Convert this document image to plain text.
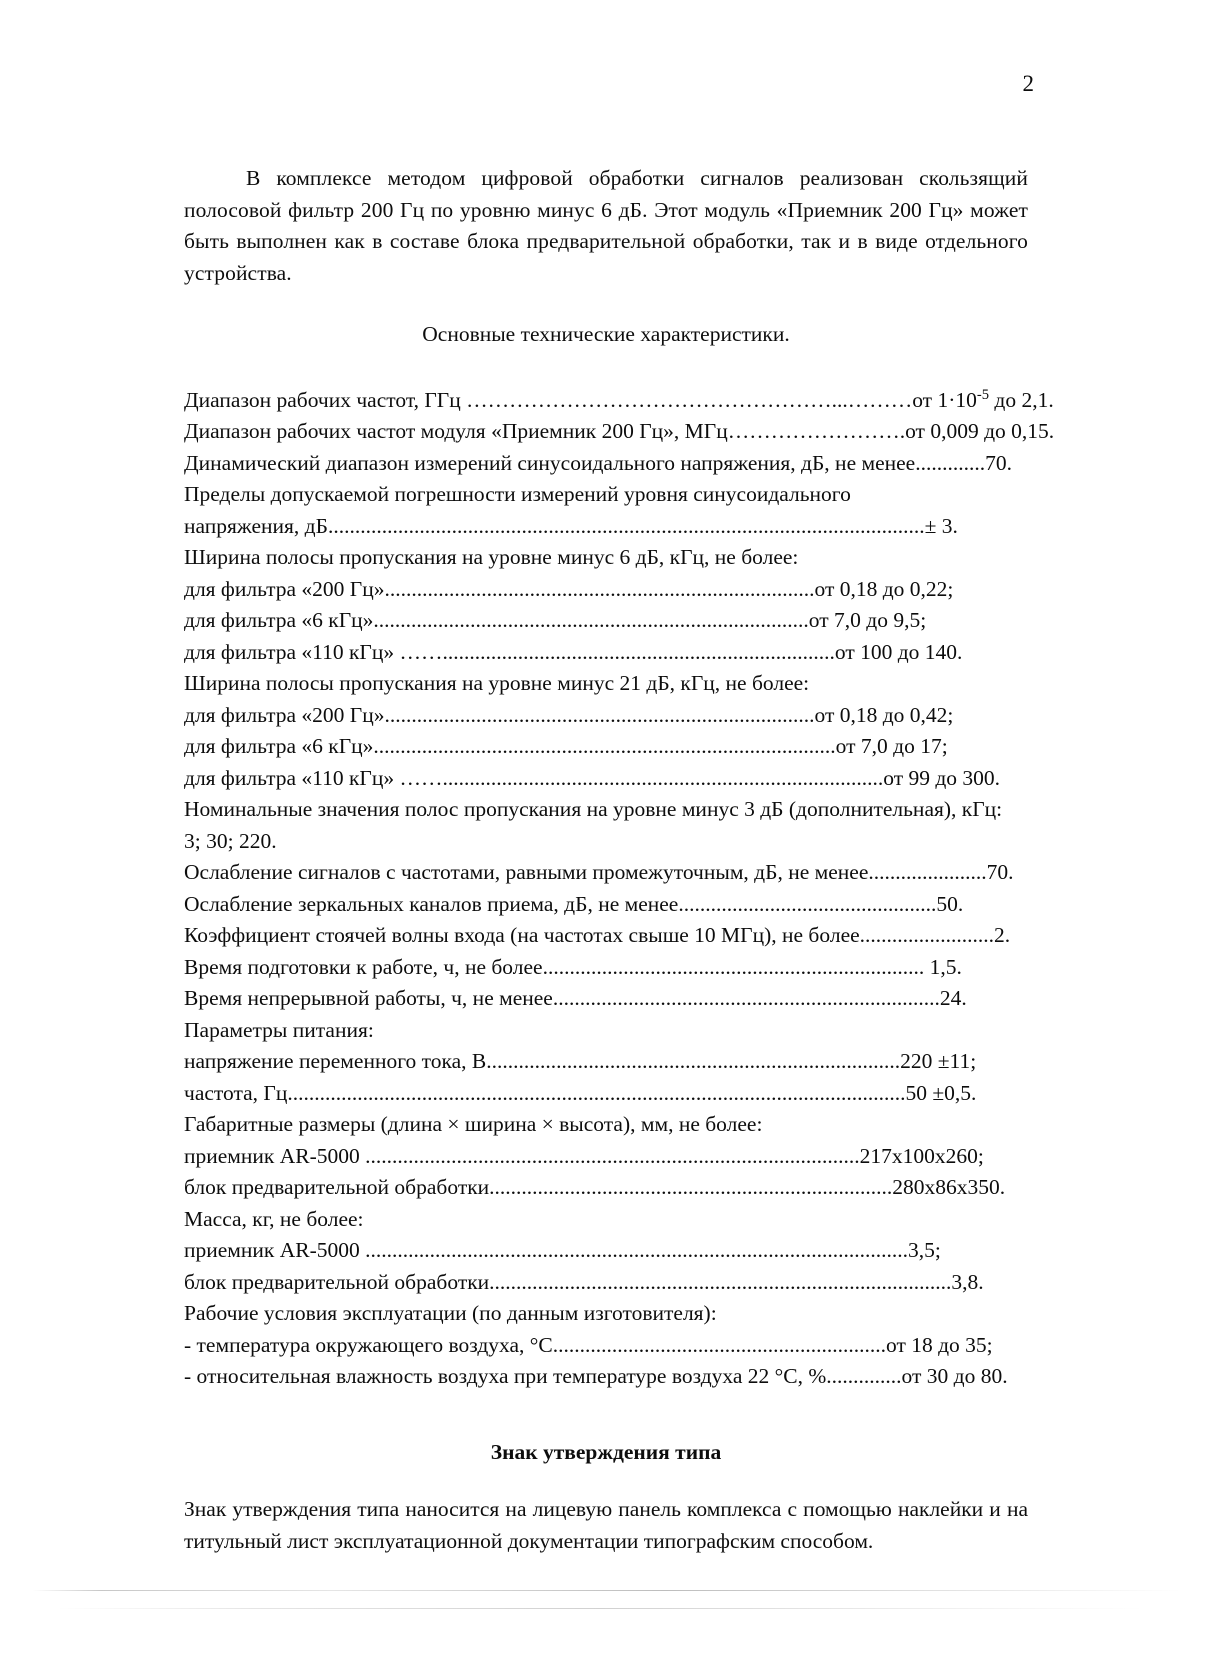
2

В комплексе методом цифровой обработки сигналов реализован скользящий полосовой фильтр 200 Гц по уровню минус 6 дБ. Этот модуль «Приемник 200 Гц» может быть выполнен как в составе блока предварительной обработки, так и в виде отдельного устройства.

Основные технические характеристики.

Диапазон рабочих частот, ГГц ……………………………………………...………от $1\cdot 10^{-5}$ до 2,1.
Диапазон рабочих частот модуля «Приемник 200 Гц», МГц…………………….от 0,009 до 0,15.
Динамический диапазон измерений синусоидального напряжения, дБ, не менее.............70.
Пределы допускаемой погрешности измерений уровня синусоидального
напряжения, дБ...............................................................................................................± 3.
Ширина полосы пропускания на уровне минус 6 дБ, кГц, не более:
для фильтра «200 Гц»................................................................................от 0,18 до 0,22;
для фильтра «6 кГц».................................................................................от 7,0 до 9,5;
для фильтра «110 кГц» …….........................................................................от 100 до 140.
Ширина полосы пропускания на уровне минус 21 дБ, кГц, не более:
для фильтра «200 Гц»................................................................................от 0,18 до 0,42;
для фильтра «6 кГц»......................................................................................от 7,0 до 17;
для фильтра «110 кГц» ……..................................................................................от 99 до 300.
Номинальные значения полос пропускания на уровне минус 3 дБ (дополнительная), кГц:
3; 30; 220.
Ослабление сигналов с частотами, равными промежуточным, дБ, не менее......................70.
Ослабление зеркальных каналов приема, дБ, не менее................................................50.
Коэффициент стоячей волны входа (на частотах свыше 10 МГц), не более.........................2.
Время подготовки к работе, ч, не более....................................................................... 1,5.
Время непрерывной работы, ч, не менее........................................................................24.
Параметры питания:
напряжение переменного тока, В.............................................................................220 ±11;
частота, Гц...................................................................................................................50 ±0,5.
Габаритные размеры (длина × ширина × высота), мм, не более:
приемник AR-5000 ............................................................................................217x100x260;
блок предварительной обработки...........................................................................280x86x350.
Масса, кг, не более:
приемник AR-5000 .....................................................................................................3,5;
блок предварительной обработки......................................................................................3,8.
Рабочие условия эксплуатации (по данным изготовителя):
- температура окружающего воздуха, °С..............................................................от 18 до 35;
- относительная влажность воздуха при температуре воздуха 22 °С, %..............от 30 до 80.

Знак утверждения типа

Знак утверждения типа наносится на лицевую панель комплекса с помощью наклейки и на титульный лист эксплуатационной документации типографским способом.
